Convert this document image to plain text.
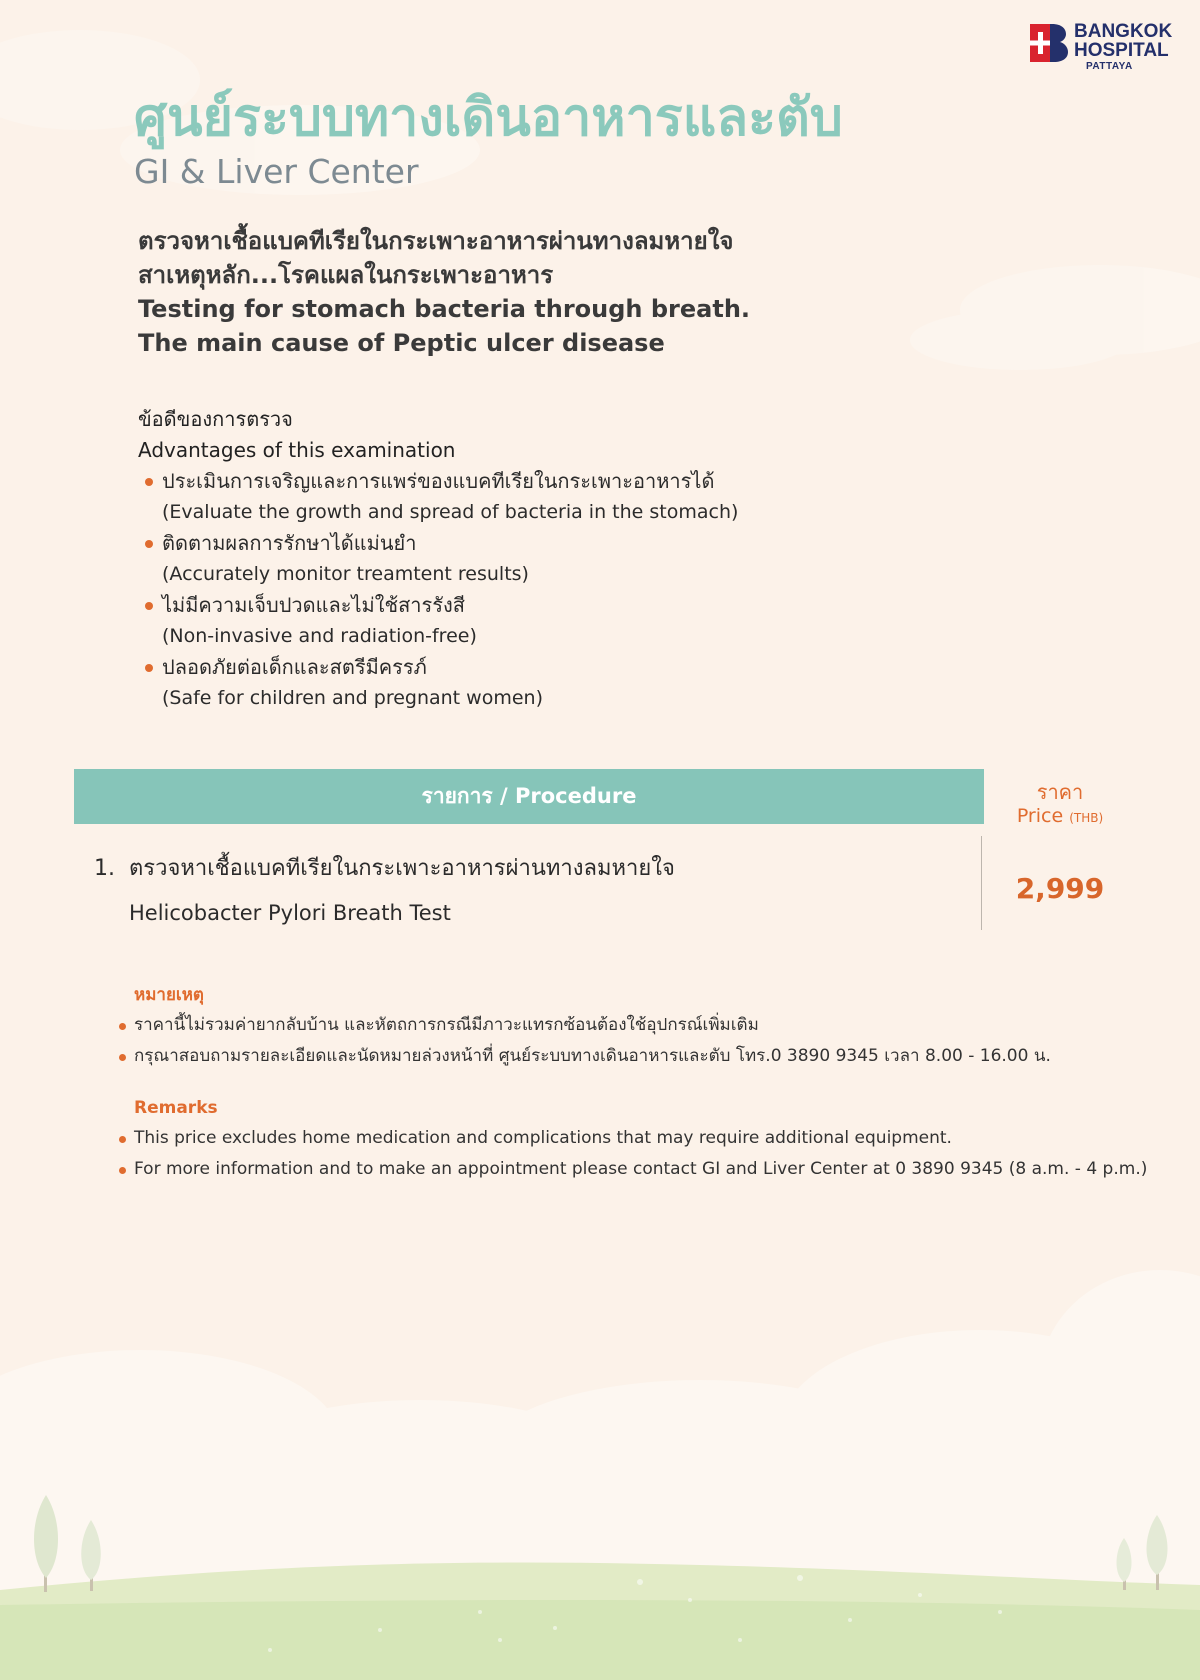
BANGKOK
HOSPITAL
PATTAYA
ศูนย์ระบบทางเดินอาหารและตับ
GI & Liver Center
ตรวจหาเชื้อแบคทีเรียในกระเพาะอาหารผ่านทางลมหายใจ
สาเหตุหลัก...โรคแผลในกระเพาะอาหาร
Testing for stomach bacteria through breath.
The main cause of Peptic ulcer disease
ข้อดีของการตรวจ
Advantages of this examination
ประเมินการเจริญและการแพร่ของแบคทีเรียในกระเพาะอาหารได้
(Evaluate the growth and spread of bacteria in the stomach)
ติดตามผลการรักษาได้แม่นยำ
(Accurately monitor treamtent results)
ไม่มีความเจ็บปวดและไม่ใช้สารรังสี
(Non-invasive and radiation-free)
ปลอดภัยต่อเด็กและสตรีมีครรภ์
(Safe for children and pregnant women)
รายการ / Procedure	ราคา
Price (THB)
1. ตรวจหาเชื้อแบคทีเรียในกระเพาะอาหารผ่านทางลมหายใจ
Helicobacter Pylori Breath Test
2,999
หมายเหตุ
ราคานี้ไม่รวมค่ายากลับบ้าน และหัตถการกรณีมีภาวะแทรกซ้อนต้องใช้อุปกรณ์เพิ่มเติม
กรุณาสอบถามรายละเอียดและนัดหมายล่วงหน้าที่ ศูนย์ระบบทางเดินอาหารและตับ โทร.0 3890 9345 เวลา 8.00 - 16.00 น.
Remarks
This price excludes home medication and complications that may require additional equipment.
For more information and to make an appointment please contact GI and Liver Center at 0 3890 9345 (8 a.m. - 4 p.m.)
